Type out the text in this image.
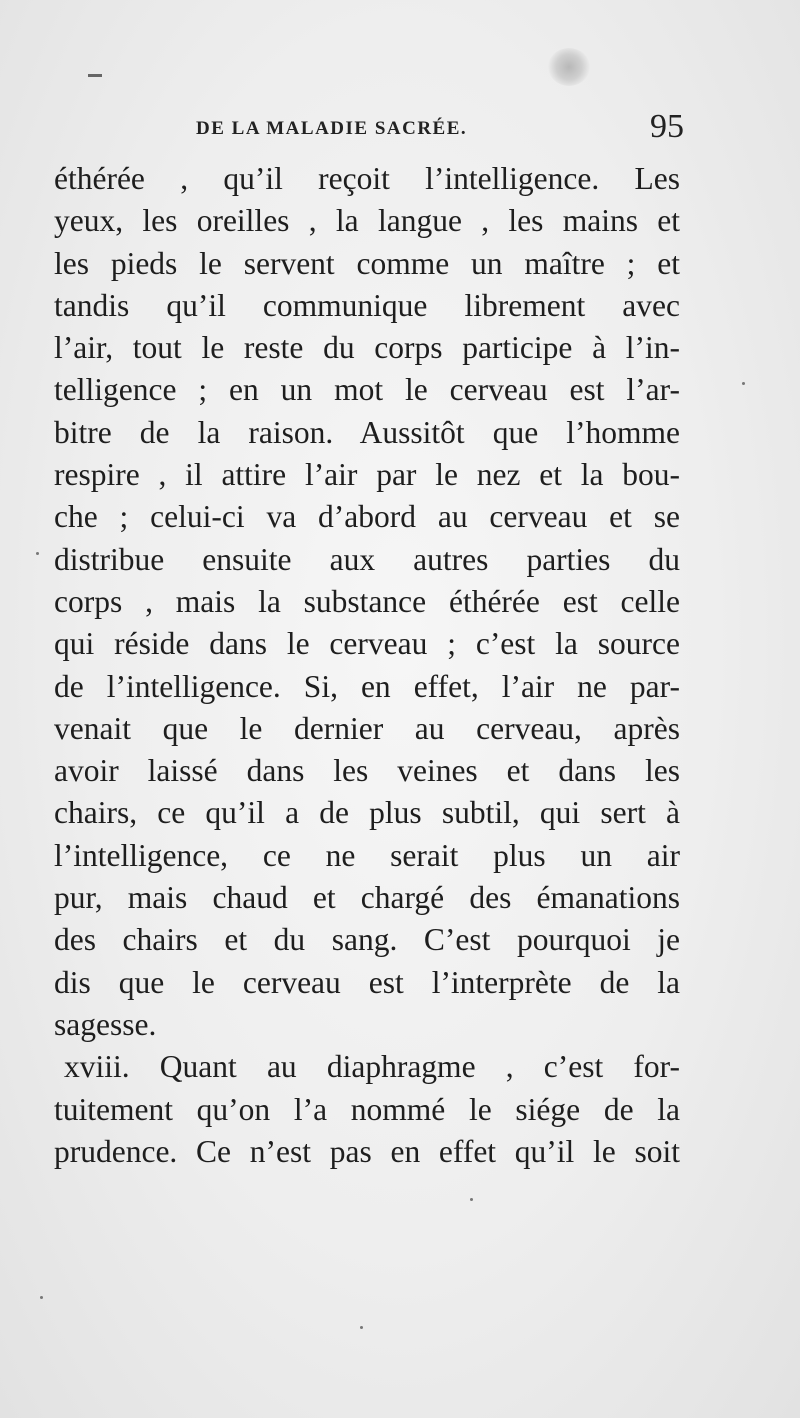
DE LA MALADIE SACRÉE.	95
éthérée , qu’il reçoit l’intelligence. Les
yeux, les oreilles , la langue , les mains et
les pieds le servent comme un maître ; et
tandis qu’il communique librement avec
l’air, tout le reste du corps participe à l’in-
telligence ; en un mot le cerveau est l’ar-
bitre de la raison. Aussitôt que l’homme
respire , il attire l’air par le nez et la bou-
che ; celui-ci va d’abord au cerveau et se
distribue ensuite aux autres parties du
corps , mais la substance éthérée est celle
qui réside dans le cerveau ; c’est la source
de l’intelligence. Si, en effet, l’air ne par-
venait que le dernier au cerveau, après
avoir laissé dans les veines et dans les
chairs, ce qu’il a de plus subtil, qui sert à
l’intelligence, ce ne serait plus un air
pur, mais chaud et chargé des émanations
des chairs et du sang. C’est pourquoi je
dis que le cerveau est l’interprète de la
sagesse.
xviii. Quant au diaphragme , c’est for-
tuitement qu’on l’a nommé le siége de la
prudence. Ce n’est pas en effet qu’il le soit
